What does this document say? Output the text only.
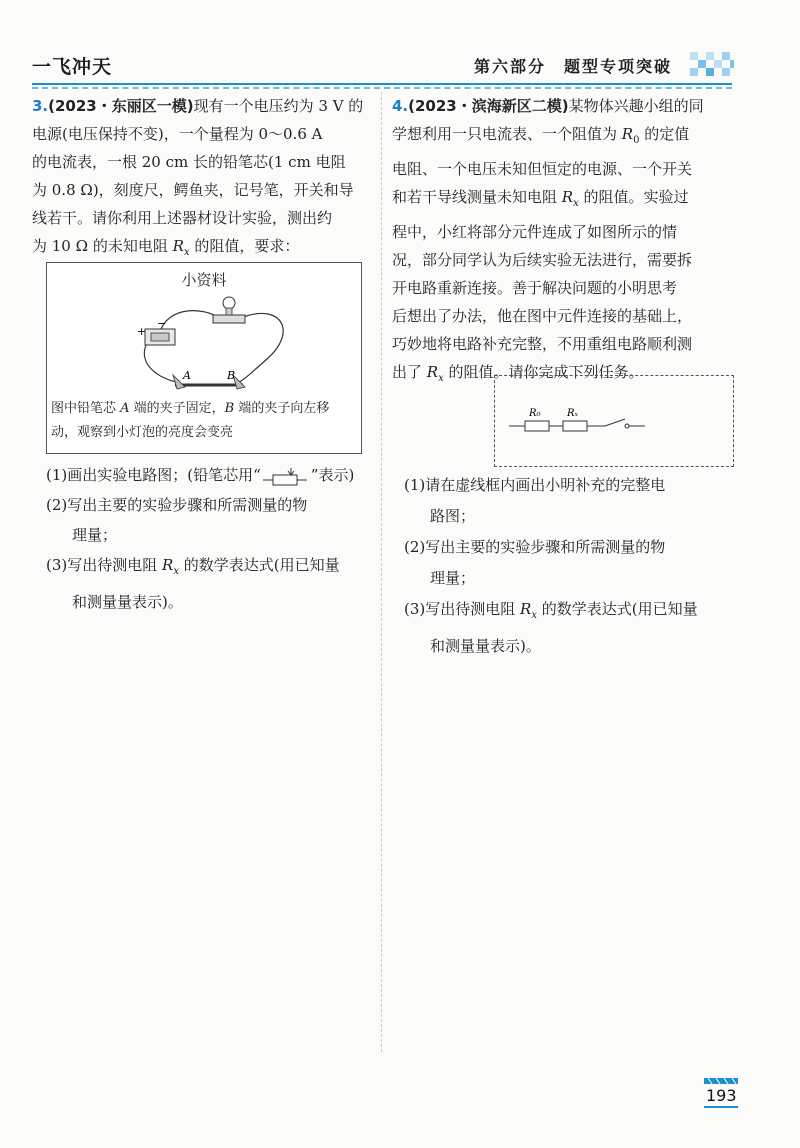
一飞冲天	第六部分　题型专项突破

3.(2023・东丽区一模)现有一个电压约为 3 V 的

电源(电压保持不变)，一个量程为 0～0.6 A

的电流表，一根 20 cm 长的铅笔芯(1 cm 电阻

为 0.8 Ω)，刻度尺，鳄鱼夹，记号笔，开关和导

线若干。请你利用上述器材设计实验，测出约

为 10 Ω 的未知电阻 $R_x$ 的阻值，要求：

小资料
+
−
A	B
图中铅笔芯 A 端的夹子固定，B 端的夹子向左移
动，观察到小灯泡的亮度会变亮

(1)画出实验电路图；(铅笔芯用“	”表示)

(2)写出主要的实验步骤和所需测量的物

理量；

(3)写出待测电阻 $R_x$ 的数学表达式(用已知量

和测量量表示)。

4.(2023・滨海新区二模)某物体兴趣小组的同

学想利用一只电流表、一个阻值为 $R_0$ 的定值

电阻、一个电压未知但恒定的电源、一个开关

和若干导线测量未知电阻 $R_x$ 的阻值。实验过

程中，小红将部分元件连成了如图所示的情

况，部分同学认为后续实验无法进行，需要拆

开电路重新连接。善于解决问题的小明思考

后想出了办法，他在图中元件连接的基础上，

巧妙地将电路补充完整，不用重组电路顺利测

出了 $R_x$ 的阻值。请你完成下列任务。

R₀	Rₓ

(1)请在虚线框内画出小明补充的完整电

路图；

(2)写出主要的实验步骤和所需测量的物

理量；

(3)写出待测电阻 $R_x$ 的数学表达式(用已知量

和测量量表示)。

193
